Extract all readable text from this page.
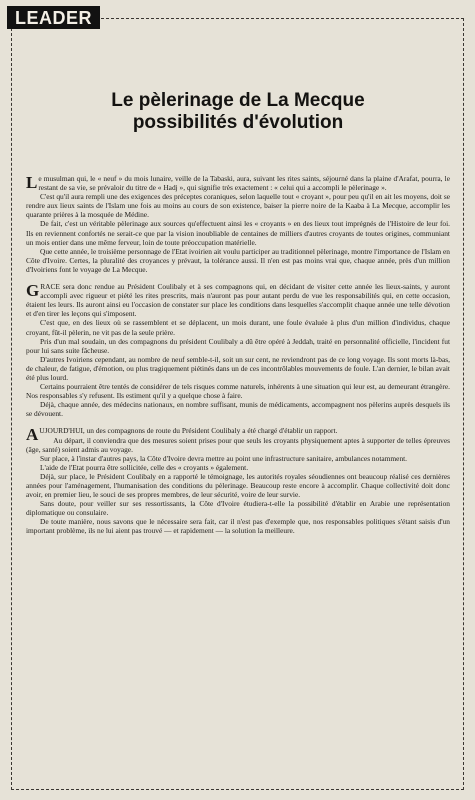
LEADER
Le pèlerinage de La Mecque
possibilités d'évolution

Le musulman qui, le « neuf » du mois lunaire, veille de la Tabaski, aura, suivant les rites saints, séjourné dans la plaine d'Arafat, pourra, le restant de sa vie, se prévaloir du titre de « Hadj », qui signifie très exactement : « celui qui a accompli le pèlerinage ».

C'est qu'il aura rempli une des exigences des préceptes coraniques, selon laquelle tout « croyant », pour peu qu'il en ait les moyens, doit se rendre aux lieux saints de l'Islam une fois au moins au cours de son existence, baiser la pierre noire de la Kaaba à La Mecque, accomplir les quarante prières à la mosquée de Médine.

De fait, c'est un véritable pèlerinage aux sources qu'effectuent ainsi les « croyants » en des lieux tout imprégnés de l'Histoire de leur foi. Ils en reviennent confortés ne serait-ce que par la vision inoubliable de centaines de milliers d'autres croyants de toutes origines, communiant un mois entier dans une même ferveur, loin de toute préoccupation matérielle.

Que cette année, le troisième personnage de l'Etat ivoirien ait voulu participer au traditionnel pèlerinage, montre l'importance de l'Islam en Côte d'Ivoire. Certes, la pluralité des croyances y prévaut, la tolérance aussi. Il n'en est pas moins vrai que, chaque année, près d'un million d'Ivoiriens font le voyage de La Mecque.

GRACE sera donc rendue au Président Coulibaly et à ses compagnons qui, en décidant de visiter cette année les lieux-saints, y auront accompli avec rigueur et piété les rites prescrits, mais n'auront pas pour autant perdu de vue les responsabilités qui, en cette occasion, étaient les leurs. Ils auront ainsi eu l'occasion de constater sur place les conditions dans lesquelles s'accomplit chaque année une telle dévotion et d'en tirer les leçons qui s'imposent.

C'est que, en des lieux où se rassemblent et se déplacent, un mois durant, une foule évaluée à plus d'un million d'individus, chaque croyant, fût-il pèlerin, ne vit pas de la seule prière.

Pris d'un mal soudain, un des compagnons du président Coulibaly a dû être opéré à Jeddah, traité en personnalité officielle, l'incident fut pour lui sans suite fâcheuse.

D'autres Ivoiriens cependant, au nombre de neuf semble-t-il, soit un sur cent, ne reviendront pas de ce long voyage. Ils sont morts là-bas, de chaleur, de fatigue, d'émotion, ou plus tragiquement piétinés dans un de ces incontrôlables mouvements de foule. L'an dernier, le bilan avait été plus lourd.

Certains pourraient être tentés de considérer de tels risques comme naturels, inhérents à une situation qui leur est, au demeurant étrangère. Nos responsables s'y refusent. Ils estiment qu'il y a quelque chose à faire.

Déjà, chaque année, des médecins nationaux, en nombre suffisant, munis de médicaments, accompagnent nos pèlerins auprès desquels ils se dévouent.

AUJOURD'HUI, un des compagnons de route du Président Coulibaly a été chargé d'établir un rapport.

Au départ, il conviendra que des mesures soient prises pour que seuls les croyants physiquement aptes à supporter de telles épreuves (âge, santé) soient admis au voyage.

Sur place, à l'instar d'autres pays, la Côte d'Ivoire devra mettre au point une infrastructure sanitaire, ambulances notamment.

L'aide de l'Etat pourra être sollicitée, celle des « croyants » également.

Déjà, sur place, le Président Coulibaly en a rapporté le témoignage, les autorités royales séoudiennes ont beaucoup réalisé ces dernières années pour l'aménagement, l'humanisation des conditions du pèlerinage. Beaucoup reste encore à accomplir. Chaque collectivité doit donc avoir, en premier lieu, le souci de ses propres membres, de leur sécurité, voire de leur survie.

Sans doute, pour veiller sur ses ressortissants, la Côte d'Ivoire étudiera-t-elle la possibilité d'établir en Arabie une représentation diplomatique ou consulaire.

De toute manière, nous savons que le nécessaire sera fait, car il n'est pas d'exemple que, nos responsables politiques s'étant saisis d'un important problème, ils ne lui aient pas trouvé — et rapidement — la solution la meilleure.
